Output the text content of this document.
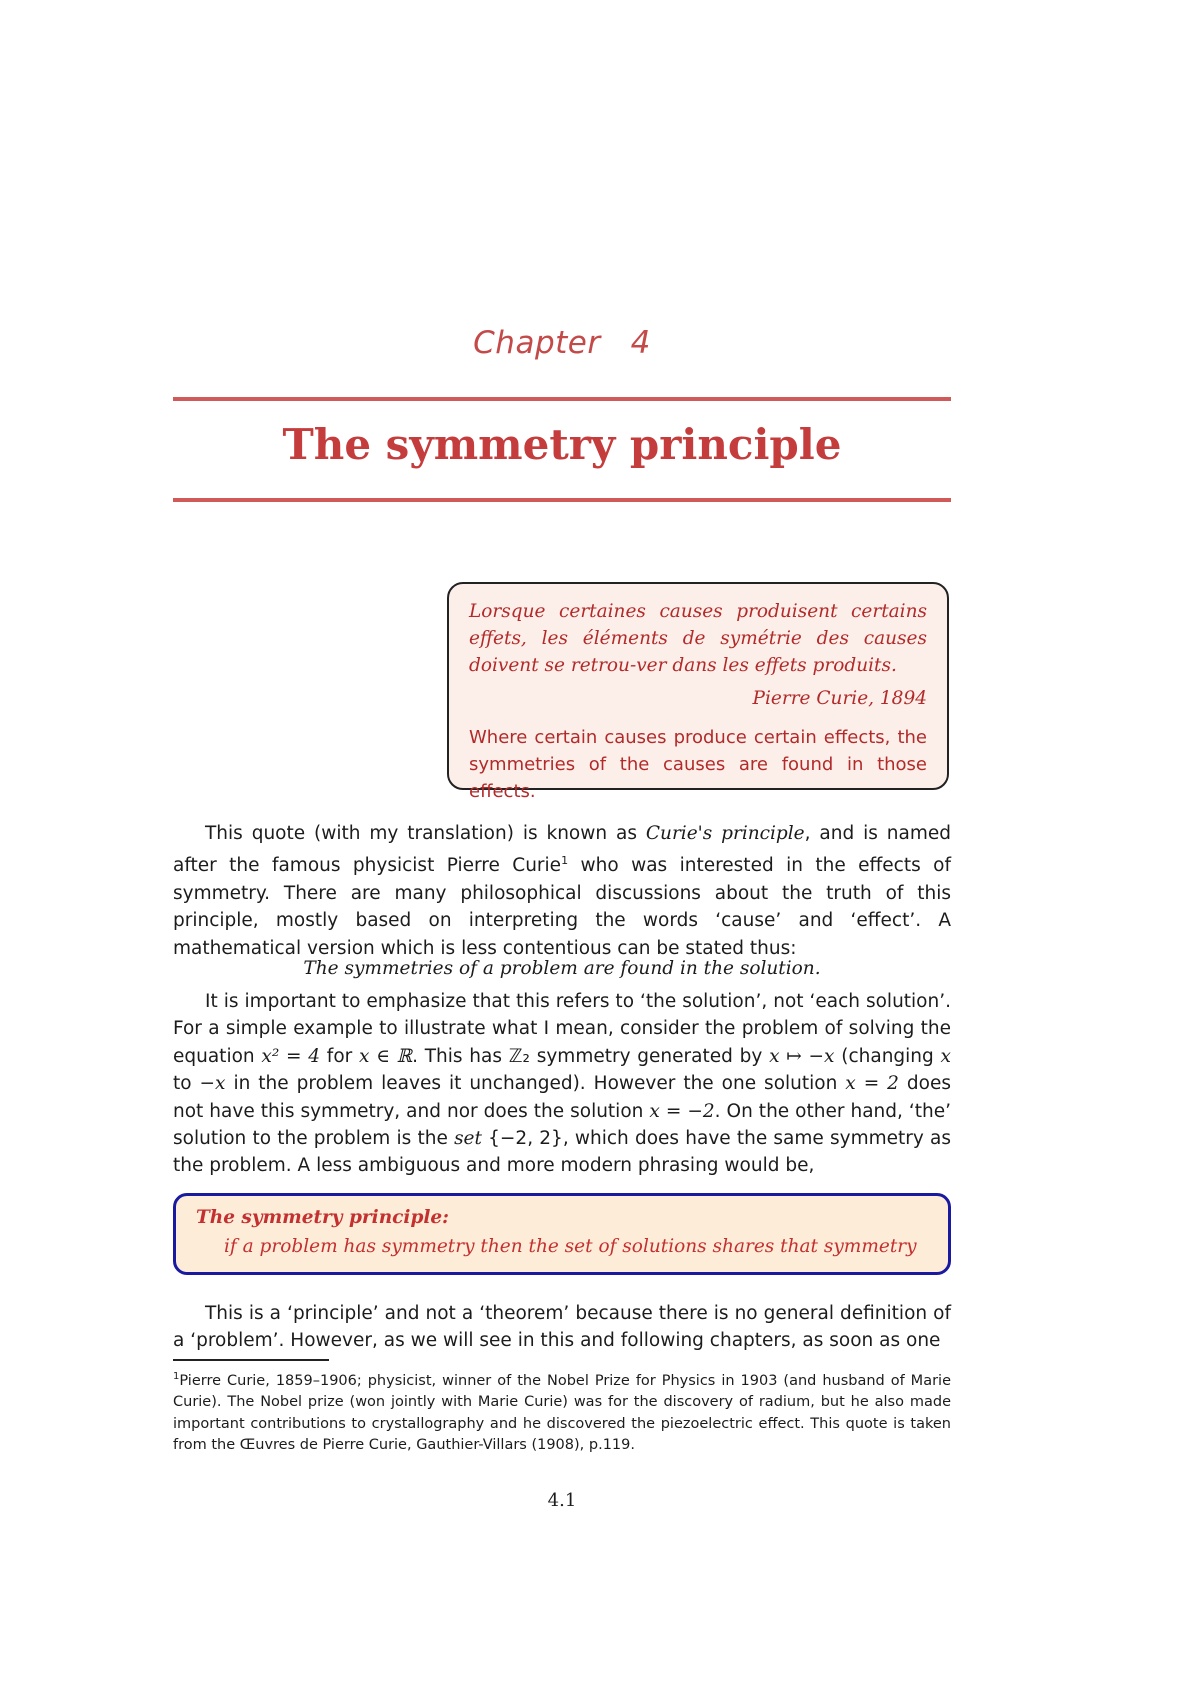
Chapter 4
The symmetry principle
Lorsque certaines causes produisent certains effets, les éléments de symétrie des causes doivent se retrou-ver dans les effets produits.
Pierre Curie, 1894
Where certain causes produce certain effects, the symmetries of the causes are found in those effects.

This quote (with my translation) is known as Curie's principle, and is named after the famous physicist Pierre Curie$^1$ who was interested in the effects of symmetry. There are many philosophical discussions about the truth of this principle, mostly based on interpreting the words ‘cause’ and ‘effect’. A mathematical version which is less contentious can be stated thus:

The symmetries of a problem are found in the solution.

It is important to emphasize that this refers to ‘the solution’, not ‘each solution’. For a simple example to illustrate what I mean, consider the problem of solving the equation x² = 4 for x ∈ ℝ. This has ℤ₂ symmetry generated by x ↦ −x (changing x to −x in the problem leaves it unchanged). However the one solution x = 2 does not have this symmetry, and nor does the solution x = −2. On the other hand, ‘the’ solution to the problem is the set {−2, 2}, which does have the same symmetry as the problem. A less ambiguous and more modern phrasing would be,

The symmetry principle:
if a problem has symmetry then the set of solutions shares that symmetry

This is a ‘principle’ and not a ‘theorem’ because there is no general definition of a ‘problem’. However, as we will see in this and following chapters, as soon as one

$^1$Pierre Curie, 1859–1906; physicist, winner of the Nobel Prize for Physics in 1903 (and husband of Marie Curie). The Nobel prize (won jointly with Marie Curie) was for the discovery of radium, but he also made important contributions to crystallography and he discovered the piezoelectric effect. This quote is taken from the Œuvres de Pierre Curie, Gauthier-Villars (1908), p.119.
4.1
